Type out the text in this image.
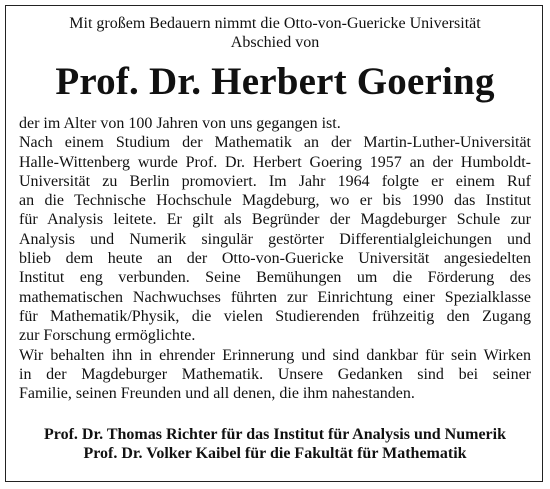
Mit großem Bedauern nimmt die Otto-von-Guericke Universität
Abschied von
Prof. Dr. Herbert Goering

der im Alter von 100 Jahren von uns gegangen ist.

Nach einem Studium der Mathematik an der Martin-Luther-Universität
Halle-Wittenberg wurde Prof. Dr. Herbert Goering 1957 an der Humboldt-
Universität zu Berlin promoviert. Im Jahr 1964 folgte er einem Ruf
an die Technische Hochschule Magdeburg, wo er bis 1990 das Institut
für Analysis leitete. Er gilt als Begründer der Magdeburger Schule zur
Analysis und Numerik singulär gestörter Differentialgleichungen und
blieb dem heute an der Otto-von-Guericke Universität angesiedelten
Institut eng verbunden. Seine Bemühungen um die Förderung des
mathematischen Nachwuchses führten zur Einrichtung einer Spezialklasse
für Mathematik/Physik, die vielen Studierenden frühzeitig den Zugang
zur Forschung ermöglichte.

Wir behalten ihn in ehrender Erinnerung und sind dankbar für sein Wirken
in der Magdeburger Mathematik. Unsere Gedanken sind bei seiner
Familie, seinen Freunden und all denen, die ihm nahestanden.

Prof. Dr. Thomas Richter für das Institut für Analysis und Numerik
Prof. Dr. Volker Kaibel für die Fakultät für Mathematik
